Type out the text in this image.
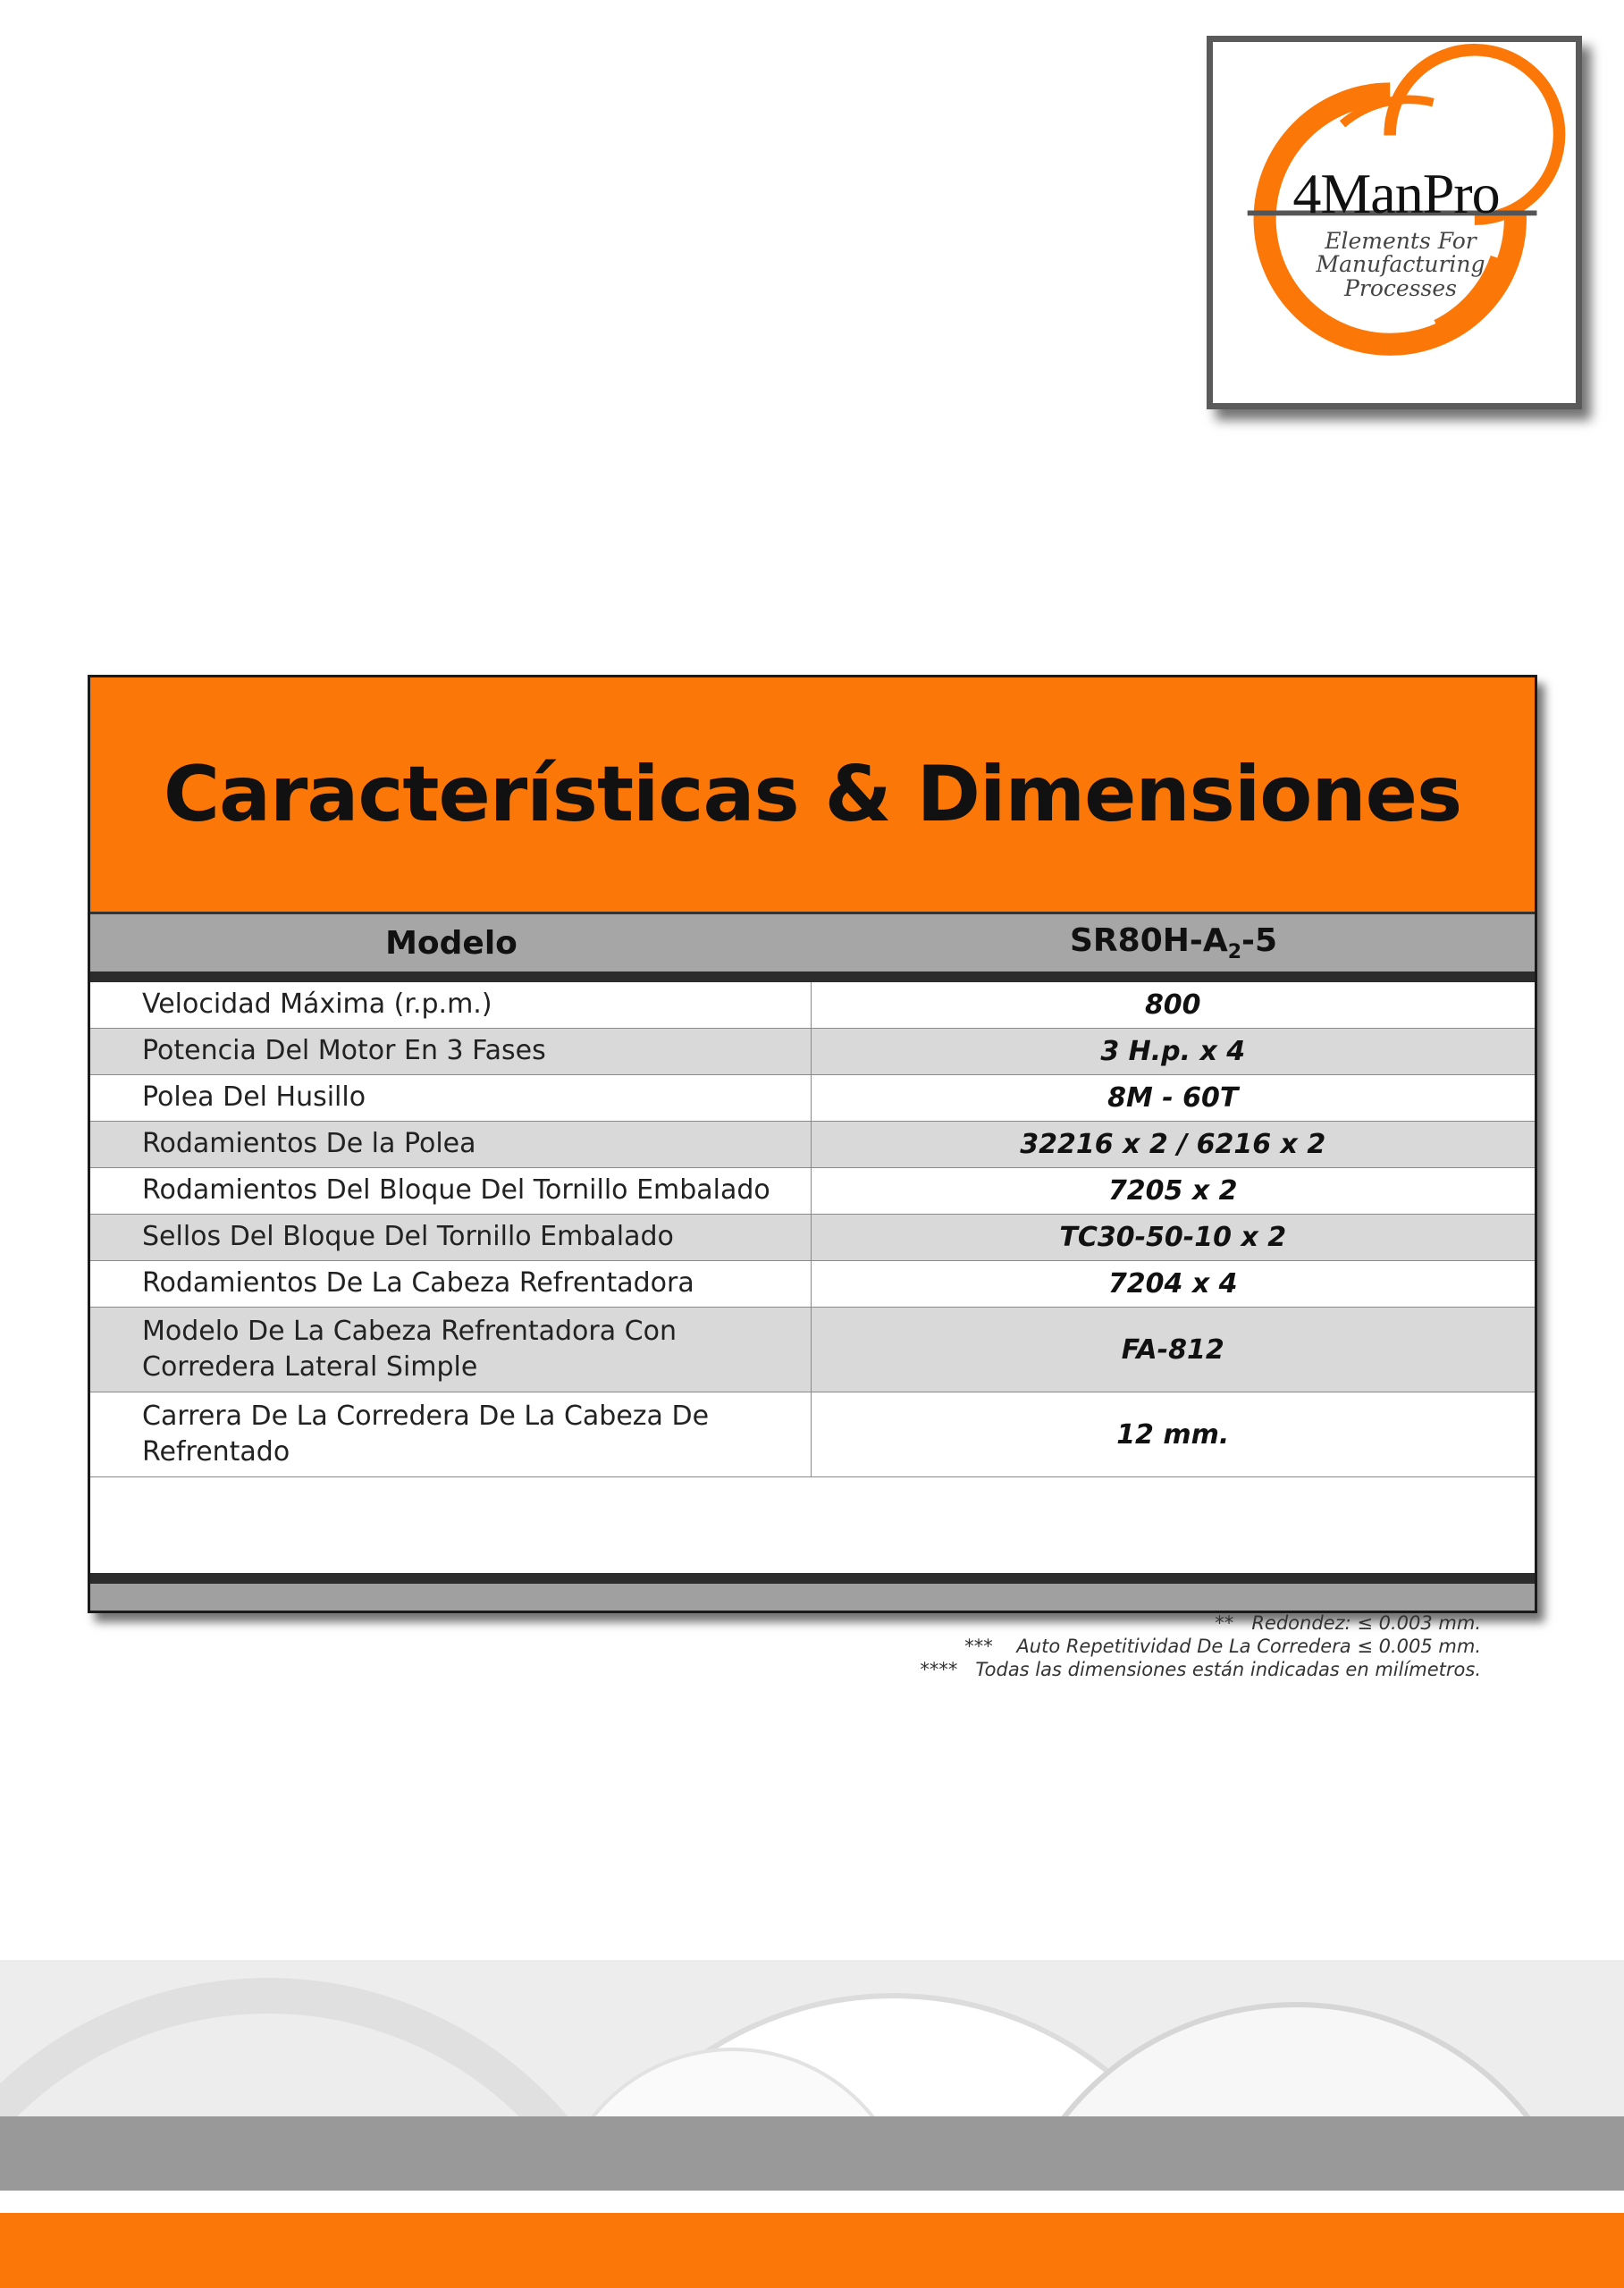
4ManPro
Elements For
Manufacturing Processes
Características & Dimensiones
Modelo	$SR80H-A_2-5$
Velocidad Máxima (r.p.m.)	800
Potencia Del Motor En 3 Fases	3 H.p. x 4
Polea Del Husillo	8M - 60T
Rodamientos De la Polea	32216 x 2 / 6216 x 2
Rodamientos Del Bloque Del Tornillo Embalado	7205 x 2
Sellos Del Bloque Del Tornillo Embalado	TC30-50-10 x 2
Rodamientos De La Cabeza Refrentadora	7204 x 4
Modelo De La Cabeza Refrentadora Con Corredera Lateral Simple	FA-812
Carrera De La Corredera De La Cabeza De Refrentado	12 mm.
**   Redondez: ≤ 0.003 mm.
***    Auto Repetitividad De La Corredera ≤ 0.005 mm.
****   Todas las dimensiones están indicadas en milímetros.
